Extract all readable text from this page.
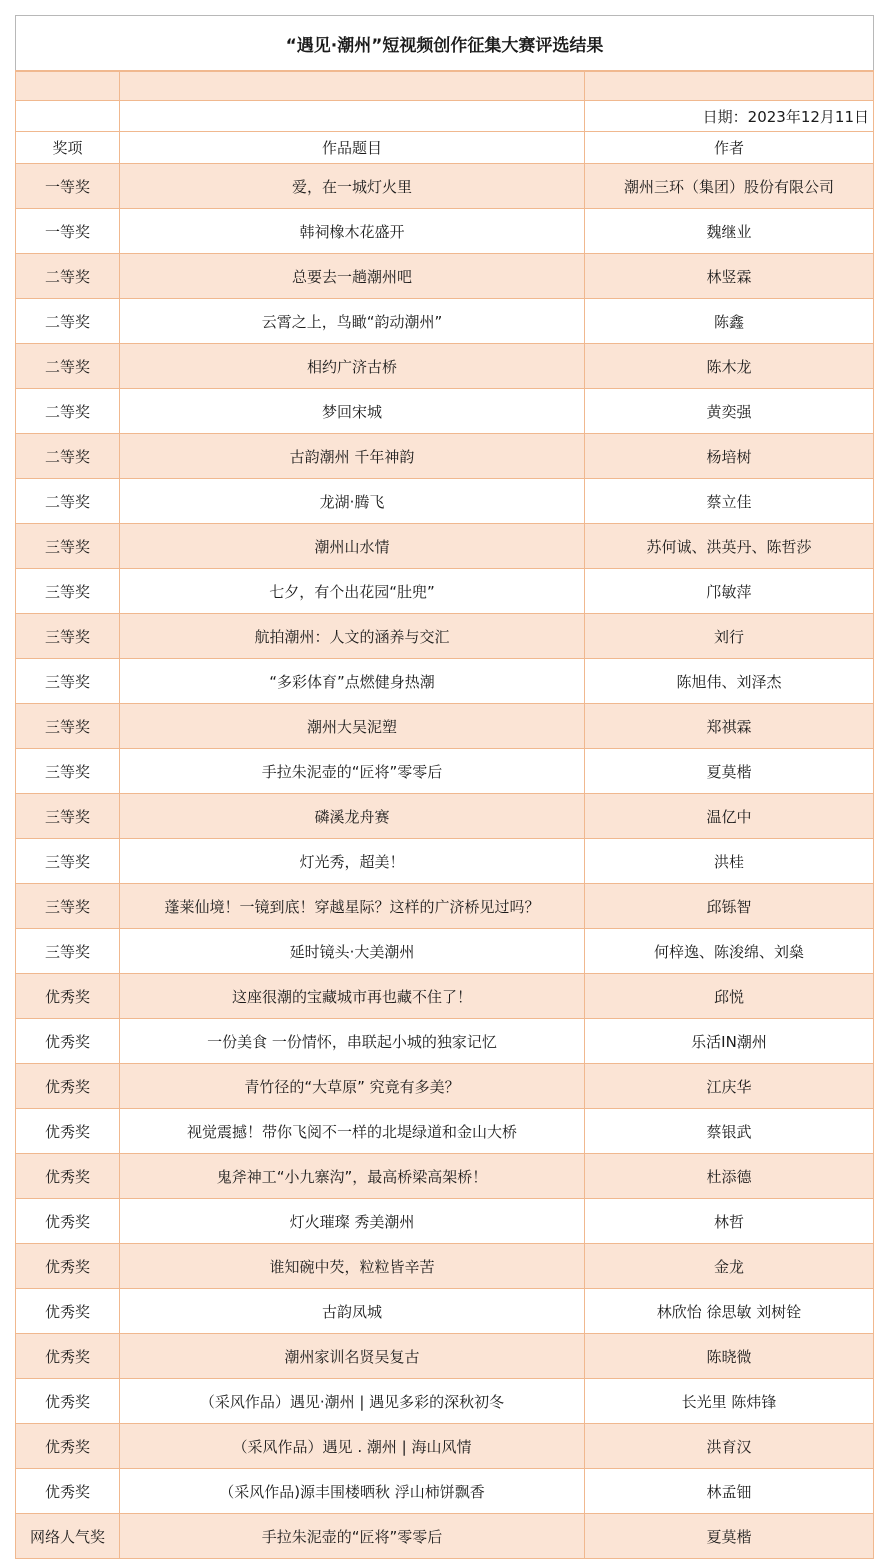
“遇见·潮州”短视频创作征集大赛评选结果		

		日期：2023年12月11日
奖项	作品题目	作者
一等奖	爱，在一城灯火里	潮州三环（集团）股份有限公司
一等奖	韩祠橡木花盛开	魏继业
二等奖	总要去一趟潮州吧	林竖霖
二等奖	云霄之上，鸟瞰“韵动潮州”	陈鑫
二等奖	相约广济古桥	陈木龙
二等奖	梦回宋城	黄奕强
二等奖	古韵潮州 千年神韵	杨培树
二等奖	龙湖·腾飞	蔡立佳
三等奖	潮州山水情	苏何诚、洪英丹、陈哲莎
三等奖	七夕，有个出花园“肚兜”	邝敏萍
三等奖	航拍潮州：人文的涵养与交汇	刘行
三等奖	“多彩体育”点燃健身热潮	陈旭伟、刘泽杰
三等奖	潮州大吴泥塑	郑祺霖
三等奖	手拉朱泥壶的“匠将”零零后	夏莫楷
三等奖	磷溪龙舟赛	温亿中
三等奖	灯光秀，超美！	洪桂
三等奖	蓬莱仙境！一镜到底！穿越星际？这样的广济桥见过吗？	邱铄智
三等奖	延时镜头·大美潮州	何梓逸、陈浚绵、刘燊
优秀奖	这座很潮的宝藏城市再也藏不住了！	邱悦
优秀奖	一份美食 一份情怀，串联起小城的独家记忆	乐活IN潮州
优秀奖	青竹径的“大草原” 究竟有多美？	江庆华
优秀奖	视觉震撼！带你飞阅不一样的北堤绿道和金山大桥	蔡银武
优秀奖	鬼斧神工“小九寨沟”，最高桥梁高架桥！	杜添德
优秀奖	灯火璀璨 秀美潮州	林哲
优秀奖	谁知碗中芡，粒粒皆辛苦	金龙
优秀奖	古韵凤城	林欣怡 徐思敏 刘树铨
优秀奖	潮州家训名贤吴复古	陈晓微
优秀奖	（采风作品）遇见·潮州 | 遇见多彩的深秋初冬	长光里 陈炜锋
优秀奖	（采风作品）遇见 . 潮州 | 海山风情	洪育汉
优秀奖	（采风作品)源丰围楼晒秋 浮山柿饼飘香	林孟钿
网络人气奖	手拉朱泥壶的“匠将”零零后	夏莫楷
